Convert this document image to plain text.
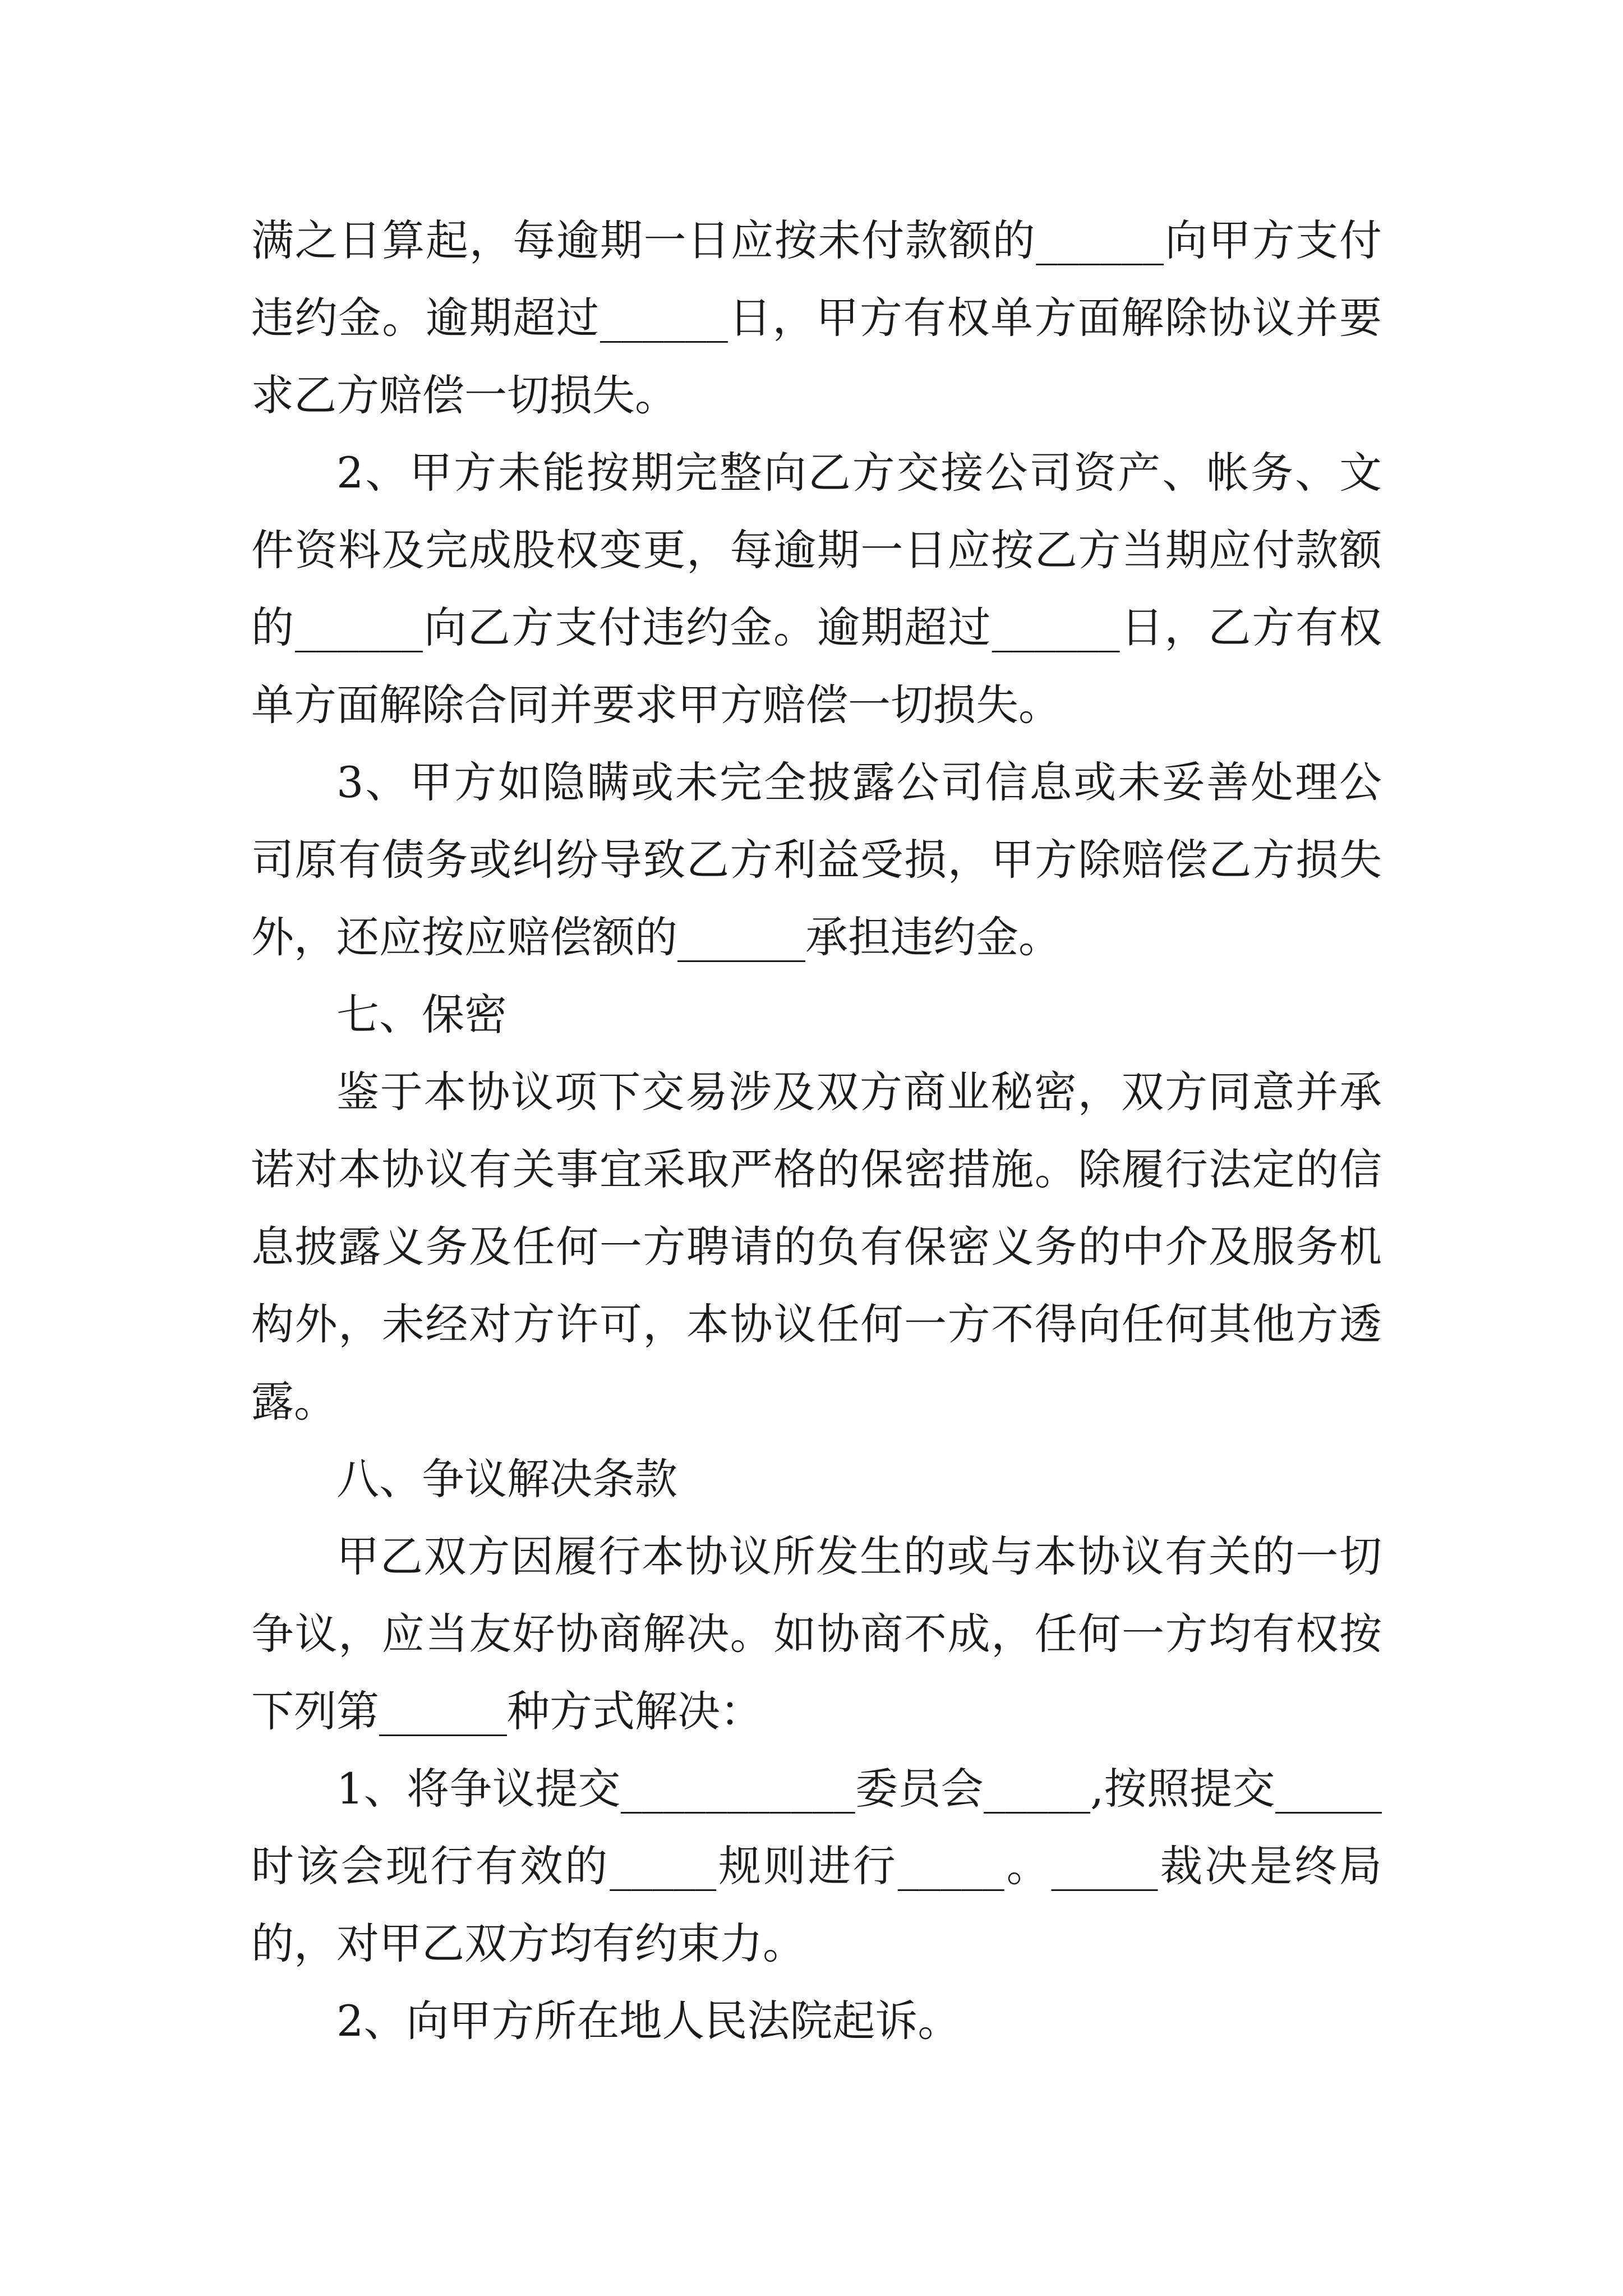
满之日算起，每逾期一日应按未付款额的______向甲方支付违约金。逾期超过______日，甲方有权单方面解除协议并要求乙方赔偿一切损失。

2、甲方未能按期完整向乙方交接公司资产、帐务、文件资料及完成股权变更，每逾期一日应按乙方当期应付款额的______向乙方支付违约金。逾期超过______日，乙方有权单方面解除合同并要求甲方赔偿一切损失。

3、甲方如隐瞒或未完全披露公司信息或未妥善处理公司原有债务或纠纷导致乙方利益受损，甲方除赔偿乙方损失外，还应按应赔偿额的______承担违约金。

七、保密

鉴于本协议项下交易涉及双方商业秘密，双方同意并承诺对本协议有关事宜采取严格的保密措施。除履行法定的信息披露义务及任何一方聘请的负有保密义务的中介及服务机构外，未经对方许可，本协议任何一方不得向任何其他方透露。

八、争议解决条款

甲乙双方因履行本协议所发生的或与本协议有关的一切争议，应当友好协商解决。如协商不成，任何一方均有权按下列第______种方式解决：

1、将争议提交___________委员会_____,按照提交_____时该会现行有效的_____规则进行_____。_____裁决是终局的，对甲乙双方均有约束力。

2、向甲方所在地人民法院起诉。
